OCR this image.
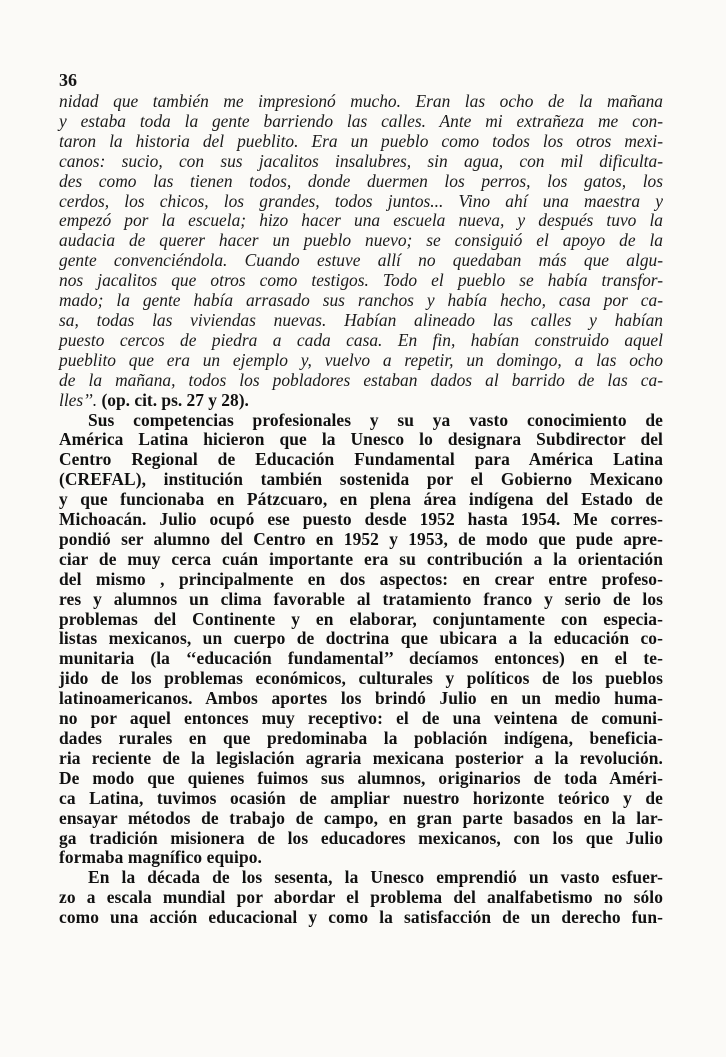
36
nidad que también me impresionó mucho. Eran las ocho de la mañana
y estaba toda la gente barriendo las calles. Ante mi extrañeza me con-
taron la historia del pueblito. Era un pueblo como todos los otros mexi-
canos: sucio, con sus jacalitos insalubres, sin agua, con mil dificulta-
des como las tienen todos, donde duermen los perros, los gatos, los
cerdos, los chicos, los grandes, todos juntos... Vino ahí una maestra y
empezó por la escuela; hizo hacer una escuela nueva, y después tuvo la
audacia de querer hacer un pueblo nuevo; se consiguió el apoyo de la
gente convenciéndola. Cuando estuve allí no quedaban más que algu-
nos jacalitos que otros como testigos. Todo el pueblo se había transfor-
mado; la gente había arrasado sus ranchos y había hecho, casa por ca-
sa, todas las viviendas nuevas. Habían alineado las calles y habían
puesto cercos de piedra a cada casa. En fin, habían construido aquel
pueblito que era un ejemplo y, vuelvo a repetir, un domingo, a las ocho
de la mañana, todos los pobladores estaban dados al barrido de las ca-
lles’’. (op. cit. ps. 27 y 28).
Sus competencias profesionales y su ya vasto conocimiento de
América Latina hicieron que la Unesco lo designara Subdirector del
Centro Regional de Educación Fundamental para América Latina
(CREFAL), institución también sostenida por el Gobierno Mexicano
y que funcionaba en Pátzcuaro, en plena área indígena del Estado de
Michoacán. Julio ocupó ese puesto desde 1952 hasta 1954. Me corres-
pondió ser alumno del Centro en 1952 y 1953, de modo que pude apre-
ciar de muy cerca cuán importante era su contribución a la orientación
del mismo , principalmente en dos aspectos: en crear entre profeso-
res y alumnos un clima favorable al tratamiento franco y serio de los
problemas del Continente y en elaborar, conjuntamente con especia-
listas mexicanos, un cuerpo de doctrina que ubicara a la educación co-
munitaria (la ‘‘educación fundamental’’ decíamos entonces) en el te-
jido de los problemas económicos, culturales y políticos de los pueblos
latinoamericanos. Ambos aportes los brindó Julio en un medio huma-
no por aquel entonces muy receptivo: el de una veintena de comuni-
dades rurales en que predominaba la población indígena, beneficia-
ria reciente de la legislación agraria mexicana posterior a la revolución.
De modo que quienes fuimos sus alumnos, originarios de toda Améri-
ca Latina, tuvimos ocasión de ampliar nuestro horizonte teórico y de
ensayar métodos de trabajo de campo, en gran parte basados en la lar-
ga tradición misionera de los educadores mexicanos, con los que Julio
formaba magnífico equipo.
En la década de los sesenta, la Unesco emprendió un vasto esfuer-
zo a escala mundial por abordar el problema del analfabetismo no sólo
como una acción educacional y como la satisfacción de un derecho fun-
